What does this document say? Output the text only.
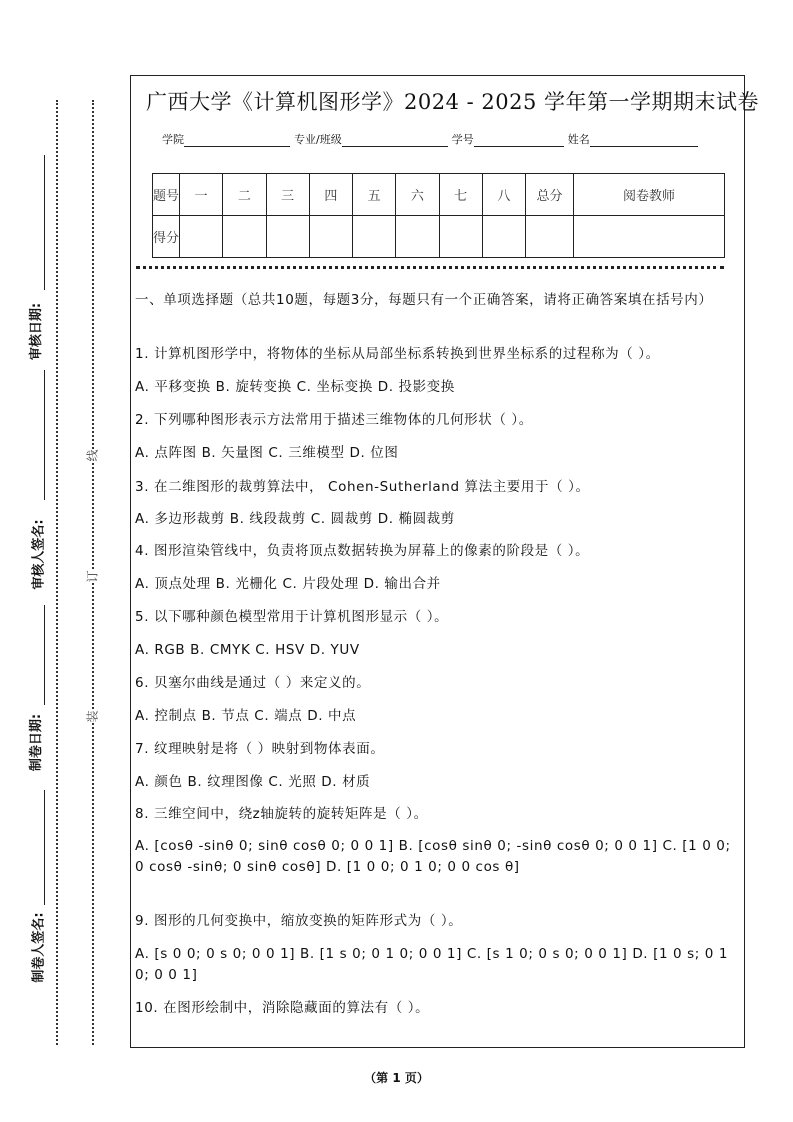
审核日期:
审核人签名:
制卷日期:
制卷人签名:
线
订
装
广西大学《计算机图形学》2024 - 2025 学年第一学期期末试卷
学院	专业/班级	学号	姓名
题号	一	二	三	四	五	六	七	八	总分	阅卷教师
得分										
一、单项选择题（总共10题，每题3分，每题只有一个正确答案，请将正确答案填在括号内）
1. 计算机图形学中，将物体的坐标从局部坐标系转换到世界坐标系的过程称为（ ）。
A. 平移变换 B. 旋转变换 C. 坐标变换 D. 投影变换
2. 下列哪种图形表示方法常用于描述三维物体的几何形状（ ）。
A. 点阵图 B. 矢量图 C. 三维模型 D. 位图
3. 在二维图形的裁剪算法中， Cohen-Sutherland 算法主要用于（ ）。
A. 多边形裁剪 B. 线段裁剪 C. 圆裁剪 D. 椭圆裁剪
4. 图形渲染管线中，负责将顶点数据转换为屏幕上的像素的阶段是（ ）。
A. 顶点处理 B. 光栅化 C. 片段处理 D. 输出合并
5. 以下哪种颜色模型常用于计算机图形显示（ ）。
A. RGB B. CMYK C. HSV D. YUV
6. 贝塞尔曲线是通过（ ）来定义的。
A. 控制点 B. 节点 C. 端点 D. 中点
7. 纹理映射是将（ ）映射到物体表面。
A. 颜色 B. 纹理图像 C. 光照 D. 材质
8. 三维空间中，绕z轴旋转的旋转矩阵是（ ）。
A. [cosθ -sinθ 0; sinθ cosθ 0; 0 0 1] B. [cosθ sinθ 0; -sinθ cosθ 0; 0 0 1] C. [1 0 0; 0 cosθ -sinθ; 0 sinθ cosθ] D. [1 0 0; 0 1 0; 0 0 cos θ]
9. 图形的几何变换中，缩放变换的矩阵形式为（ ）。
A. [s 0 0; 0 s 0; 0 0 1] B. [1 s 0; 0 1 0; 0 0 1] C. [s 1 0; 0 s 0; 0 0 1] D. [1 0 s; 0 1 0; 0 0 1]
10. 在图形绘制中，消除隐藏面的算法有（ ）。
（第 1 页）
